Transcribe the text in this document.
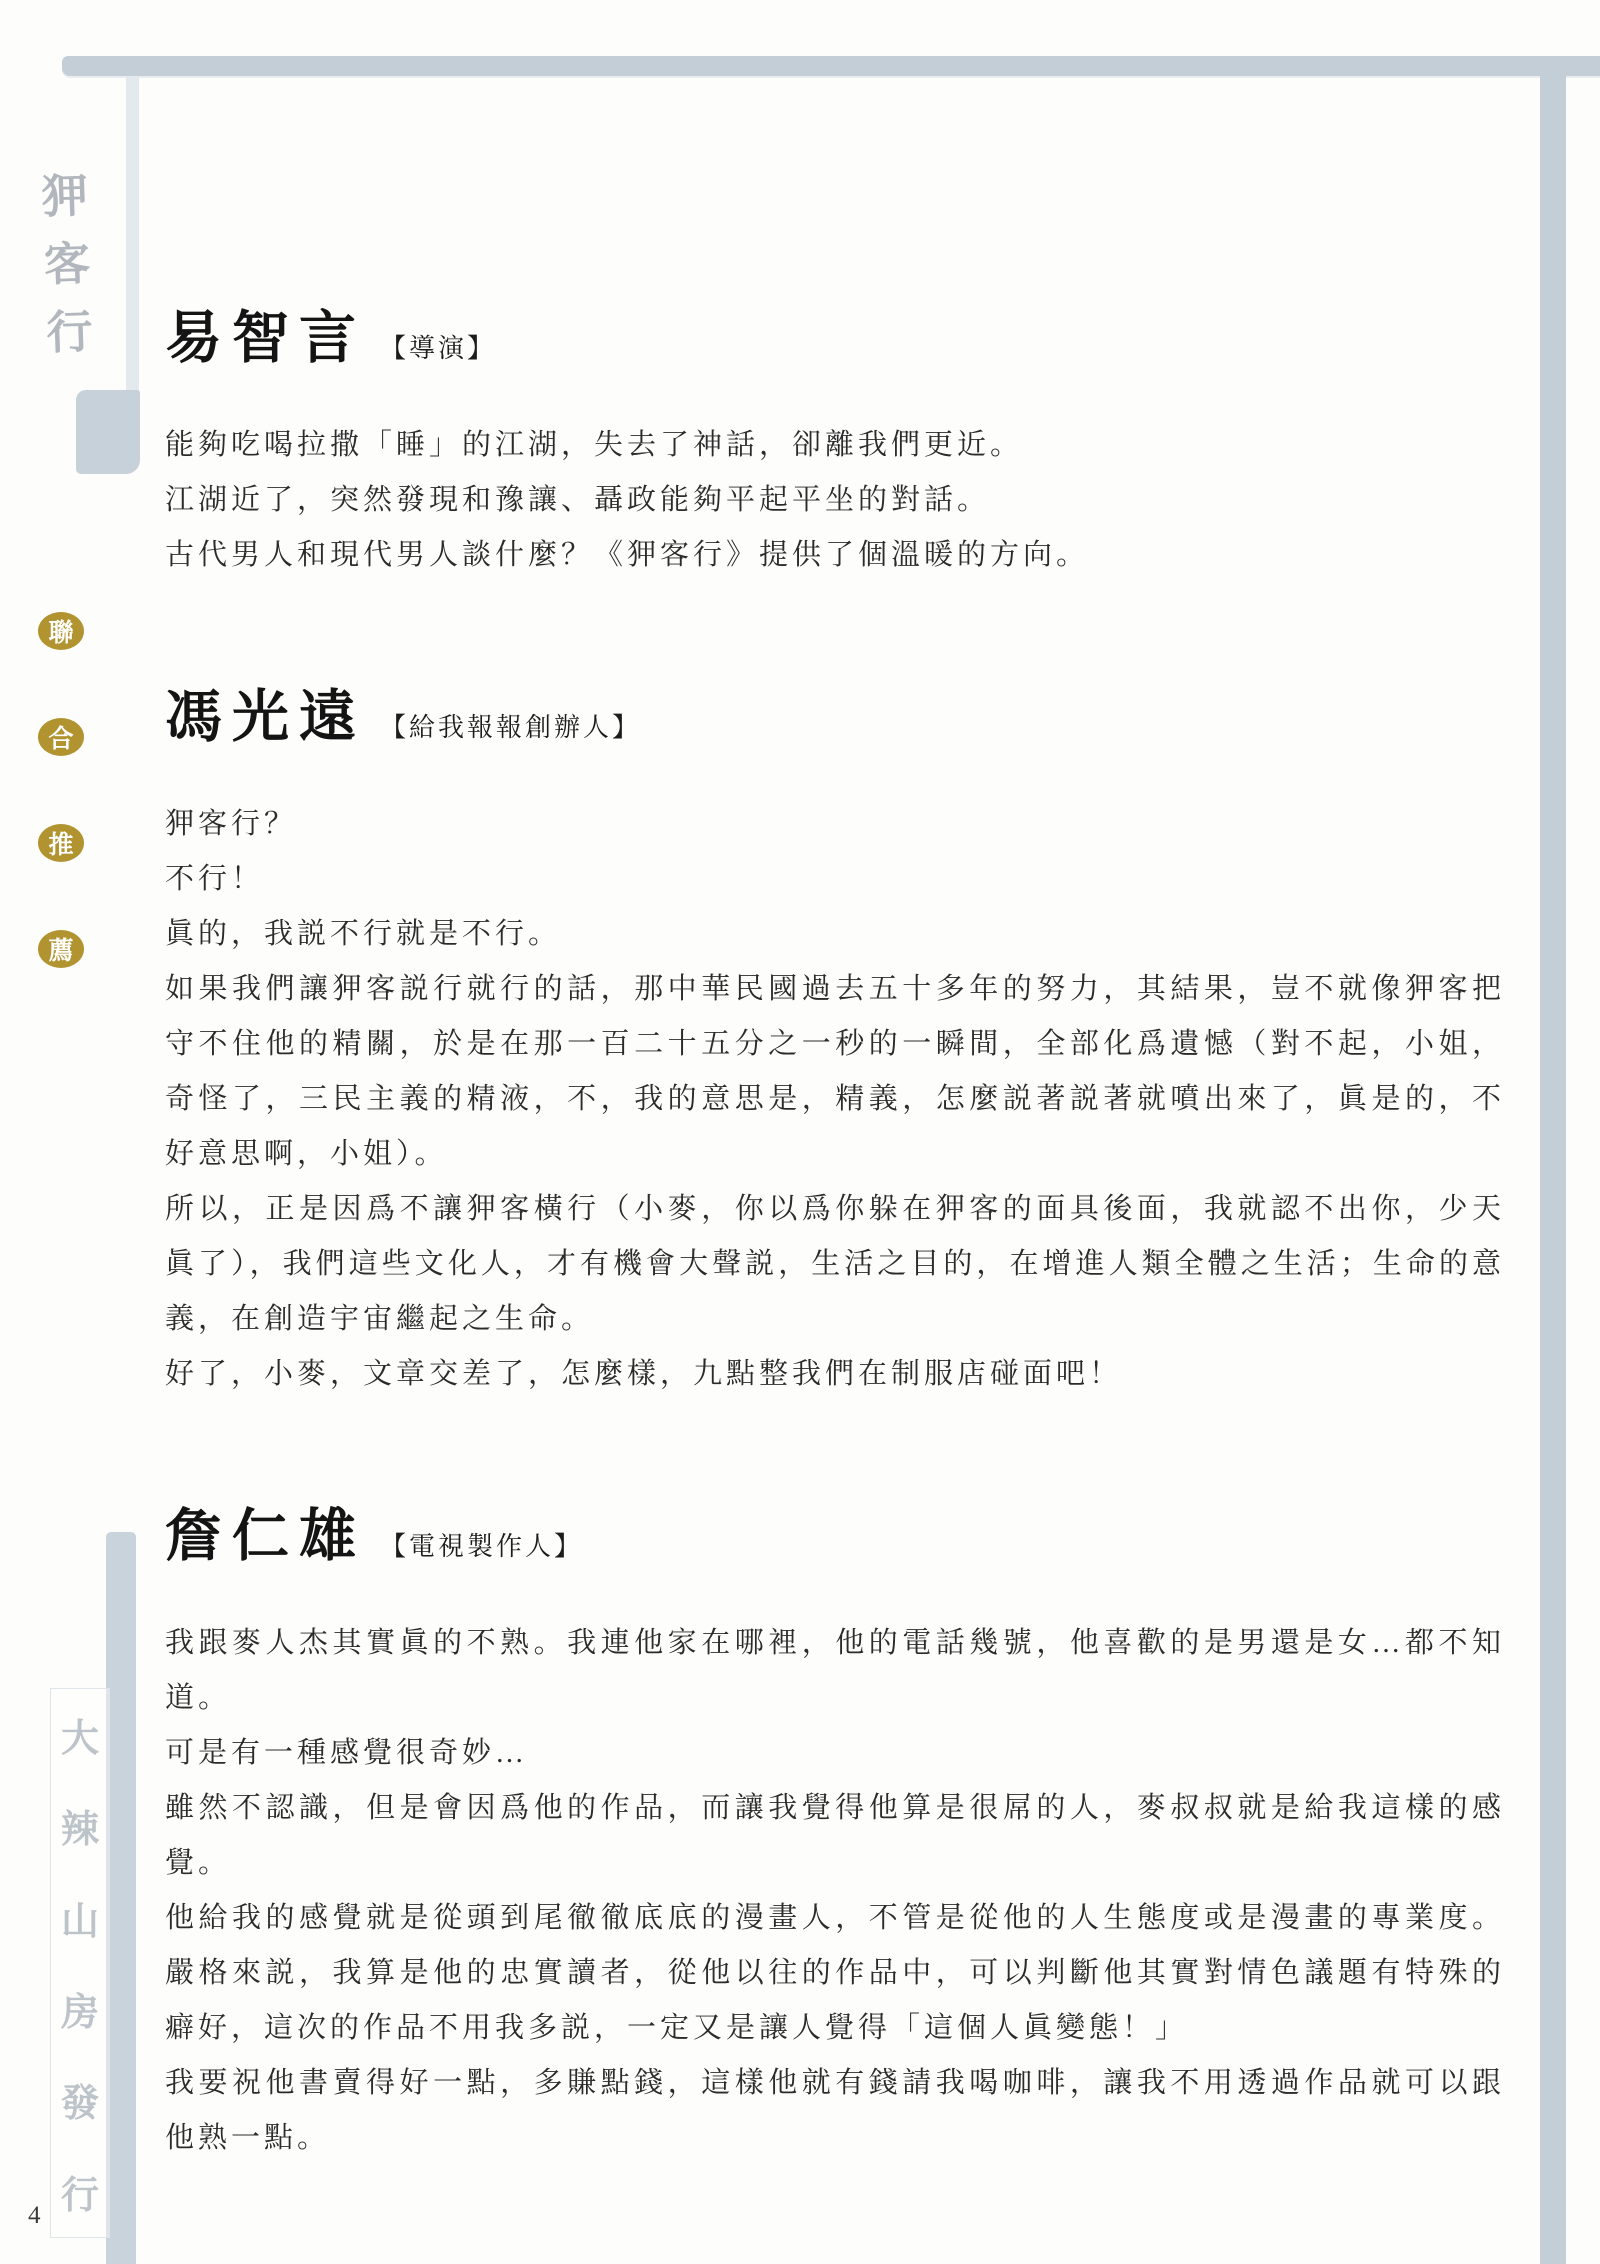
狎
客
行
聯
合
推
薦
大
辣
山
房
發
行
易智言 【導演】

能夠吃喝拉撒「睡」的江湖，失去了神話，卻離我們更近。

江湖近了，突然發現和豫讓、聶政能夠平起平坐的對話。

古代男人和現代男人談什麼？《狎客行》提供了個溫暖的方向。

馮光遠 【給我報報創辦人】

狎客行？

不行！

眞的，我説不行就是不行。

如果我們讓狎客説行就行的話，那中華民國過去五十多年的努力，其結果，豈不就像狎客把守不住他的精關，於是在那一百二十五分之一秒的一瞬間，全部化爲遺憾（對不起，小姐，奇怪了，三民主義的精液，不，我的意思是，精義，怎麼説著説著就噴出來了，眞是的，不好意思啊，小姐）。

所以，正是因爲不讓狎客橫行（小麥，你以爲你躲在狎客的面具後面，我就認不出你，少天眞了），我們這些文化人，才有機會大聲説，生活之目的，在增進人類全體之生活；生命的意義，在創造宇宙繼起之生命。

好了，小麥，文章交差了，怎麼樣，九點整我們在制服店碰面吧！

詹仁雄 【電視製作人】

我跟麥人杰其實眞的不熟。我連他家在哪裡，他的電話幾號，他喜歡的是男還是女…都不知道。

可是有一種感覺很奇妙…

雖然不認識，但是會因爲他的作品，而讓我覺得他算是很屌的人，麥叔叔就是給我這樣的感覺。

他給我的感覺就是從頭到尾徹徹底底的漫畫人，不管是從他的人生態度或是漫畫的專業度。嚴格來説，我算是他的忠實讀者，從他以往的作品中，可以判斷他其實對情色議題有特殊的癖好，這次的作品不用我多説，一定又是讓人覺得「這個人眞變態！」

我要祝他書賣得好一點，多賺點錢，這樣他就有錢請我喝咖啡，讓我不用透過作品就可以跟他熟一點。

4
